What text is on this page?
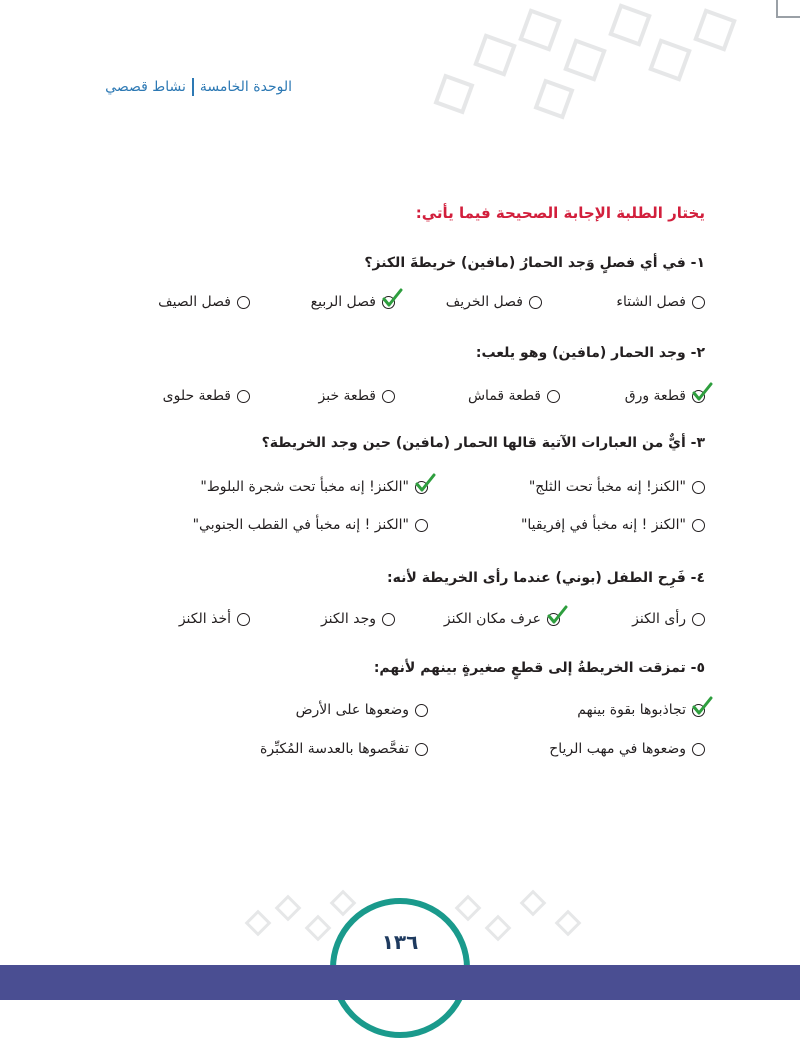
الوحدة الخامسة
نشاط قصصي
يختار الطلبة الإجابة الصحيحة فيما يأتي:
١- في أي فصلٍ وَجد الحمارُ (مافين) خريطةَ الكنز؟
فصل الشتاء
فصل الخريف
فصل الربيع
فصل الصيف
٢- وجد الحمار (مافين) وهو يلعب:
قطعة ورق
قطعة قماش
قطعة خبز
قطعة حلوى
٣- أيٌّ من العبارات الآتية قالها الحمار (مافين) حين وجد الخريطة؟
"الكنز! إنه مخبأ تحت الثلج"
"الكنز! إنه مخبأ تحت شجرة البلوط"
"الكنز ! إنه مخبأ في إفريقيا"
"الكنز ! إنه مخبأ في القطب الجنوبي"
٤- فَرِح الطفل (بوني) عندما رأى الخريطة لأنه:
رأى الكنز
عرف مكان الكنز
وجد الكنز
أخذ الكنز
٥- تمزقت الخريطةُ إلى قطعٍ صغيرةٍ بينهم لأنهم:
تجاذبوها بقوة بينهم
وضعوها على الأرض
وضعوها في مهب الرياح
تفحَّصوها بالعدسة المُكبِّرة
١٣٦
